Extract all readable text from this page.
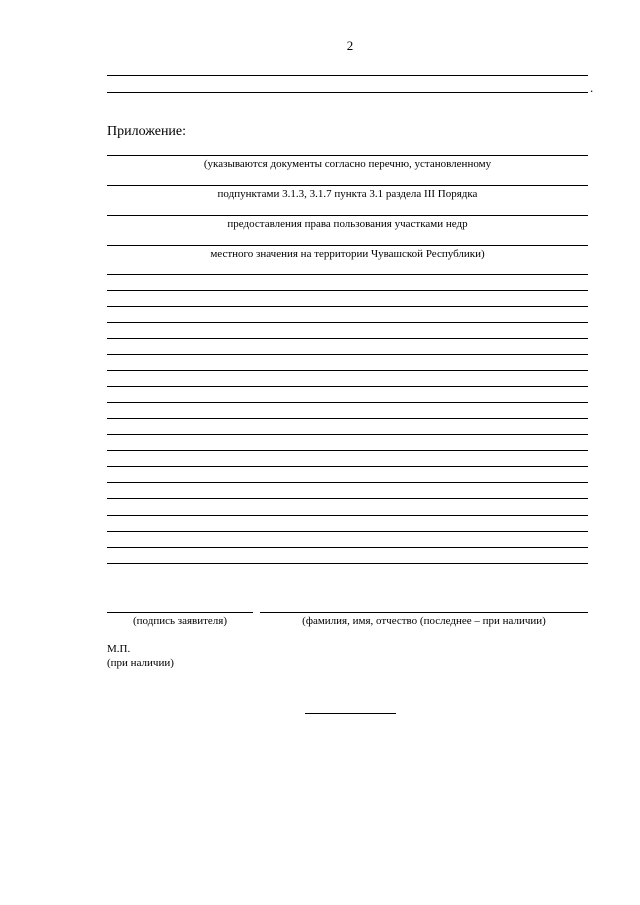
2
.
Приложение:
(указываются документы согласно перечню, установленному
подпунктами 3.1.3, 3.1.7 пункта 3.1 раздела III Порядка
предоставления права пользования участками недр
местного значения на территории Чувашской Республики)
(подпись заявителя)	(фамилия, имя, отчество (последнее – при наличии)
М.П.
(при наличии)
